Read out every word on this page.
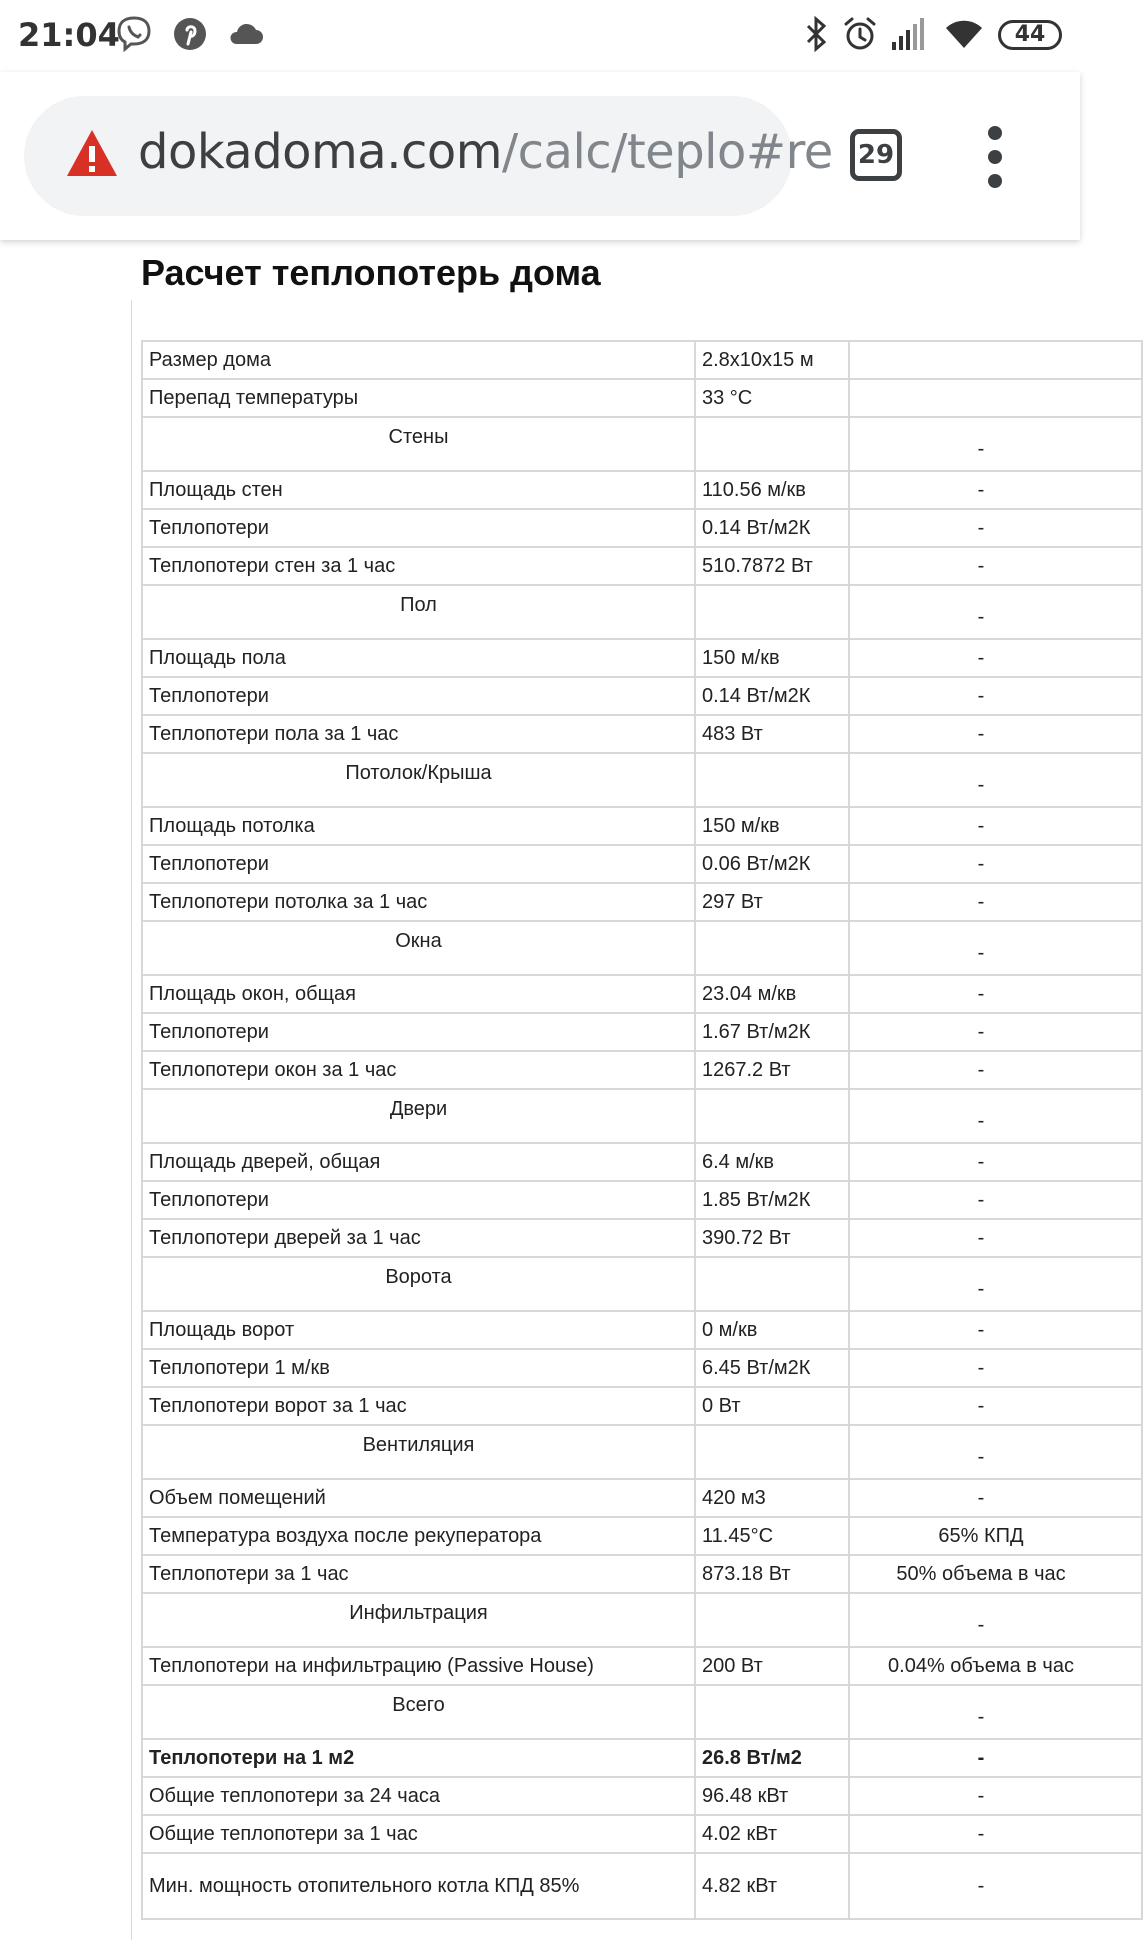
21:04	44
dokadoma.com/calc/teplo#re 29
Расчет теплопотерь дома
Размер дома	2.8x10x15 м	
Перепад температуры	33 °C	

Стены		-
Площадь стен	110.56 м/кв	-
Теплопотери	0.14 Вт/м2К	-
Теплопотери стен за 1 час	510.7872 Вт	-

Пол		-
Площадь пола	150 м/кв	-
Теплопотери	0.14 Вт/м2К	-
Теплопотери пола за 1 час	483 Вт	-

Потолок/Крыша		-
Площадь потолка	150 м/кв	-
Теплопотери	0.06 Вт/м2К	-
Теплопотери потолка за 1 час	297 Вт	-

Окна		-
Площадь окон, общая	23.04 м/кв	-
Теплопотери	1.67 Вт/м2К	-
Теплопотери окон за 1 час	1267.2 Вт	-

Двери		-
Площадь дверей, общая	6.4 м/кв	-
Теплопотери	1.85 Вт/м2К	-
Теплопотери дверей за 1 час	390.72 Вт	-

Ворота		-
Площадь ворот	0 м/кв	-
Теплопотери 1 м/кв	6.45 Вт/м2К	-
Теплопотери ворот за 1 час	0 Вт	-

Вентиляция		-
Объем помещений	420 м3	-
Температура воздуха после рекуператора	11.45°C	65% КПД
Теплопотери за 1 час	873.18 Вт	50% объема в час

Инфильтрация		-
Теплопотери на инфильтрацию (Passive House)	200 Вт	0.04% объема в час

Всего		-
Теплопотери на 1 м2	26.8 Вт/м2	-
Общие теплопотери за 24 часа	96.48 кВт	-
Общие теплопотери за 1 час	4.02 кВт	-
Мин. мощность отопительного котла КПД 85%	4.82 кВт	-
